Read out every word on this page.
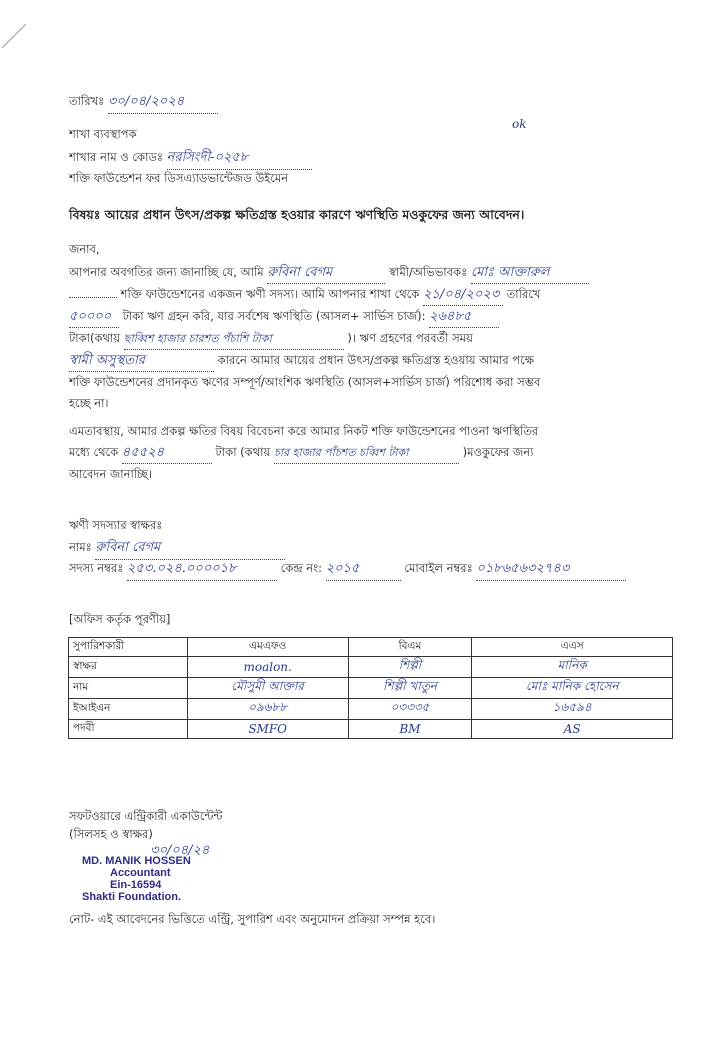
তারিখঃ ৩০/০৪/২০২৪
ok
শাখা ব্যবস্থাপক
শাখার নাম ও কোডঃ নরসিংদী-০২৫৮
শক্তি ফাউন্ডেশন ফর ডিসএ্যাডভান্টেজড উইমেন
বিষয়ঃ আয়ের প্রধান উৎস/প্রকল্প ক্ষতিগ্রস্ত হওয়ার কারণে ঋণস্থিতি মওকুফের জন্য আবেদন।
জনাব,
আপনার অবগতির জন্য জানাচ্ছি যে, আমি রুবিনা বেগম	স্বামী/অভিভাবকঃ মোঃ আক্তারুল
শক্তি ফাউন্ডেশনের একজন ঋণী সদস্য। আমি আপনার শাখা থেকে ২১/০৪/২০২৩ তারিখে
৫০০০০ টাকা ঋণ গ্রহন করি, যার সর্বশেষ ঋণস্থিতি (আসল+ সার্ভিস চার্জ): ২৬৪৮৫
টাকা(কথায় ছাব্বিশ হাজার চারশত পঁচাশি টাকা	)। ঋণ গ্রহণের পরবর্তী সময়
স্বামী অসুস্থতার	কারনে আমার আয়ের প্রধান উৎস/প্রকল্প ক্ষতিগ্রস্ত হওয়ায় আমার পক্ষে
শক্তি ফাউন্ডেশনের প্রদানকৃত ঋণের সম্পূর্ণ/আংশিক ঋণস্থিতি (আসল+সার্ভিস চার্জ) পরিশোধ করা সম্ভব
হচ্ছে না।
এমতাবস্থায়, আমার প্রকল্প ক্ষতির বিষয় বিবেচনা করে আমার নিকট শক্তি ফাউন্ডেশনের পাওনা ঋণস্থিতির
মধ্যে থেকে ৪৫৫২৪	টাকা (কথায় চার হাজার পাঁচশত চব্বিশ টাকা	)মওকুফের জন্য
আবেদন জানাচ্ছি।
ঋণী সদস্যার স্বাক্ষরঃ
নামঃ রুবিনা বেগম
সদস্য নম্বরঃ ২৫৩.০২৪.০০০০১৮	কেন্দ্র নং: ২০১৫	মোবাইল নম্বরঃ ০১৮৬৫৬৩২৭৪৩
[অফিস কর্তৃক পূরণীয়]
সুপারিশকারী	এমএফও	বিএম	এএস
স্বাক্ষর	moalon.	শিল্পী	মানিক
নাম	মৌসুমী আক্তার	শিল্পী খাতুন	মোঃ মানিক হোসেন
ইআইএন	০৯৬৮৮	০৩৩৩৫	১৬৫৯৪
পদবী	SMFO	BM	AS
সফটওয়ারে এন্ট্রিকারী একাউন্টেন্ট
(সিলসহ ও স্বাক্ষর)
৩০/০৪/২৪
MD. MANIK HOSSEN
Accountant
Ein-16594
Shakti Foundation.
নোট- এই আবেদনের ভিত্তিতে এন্ট্রি, সুপারিশ এবং অনুমোদন প্রক্রিয়া সম্পন্ন হবে।
